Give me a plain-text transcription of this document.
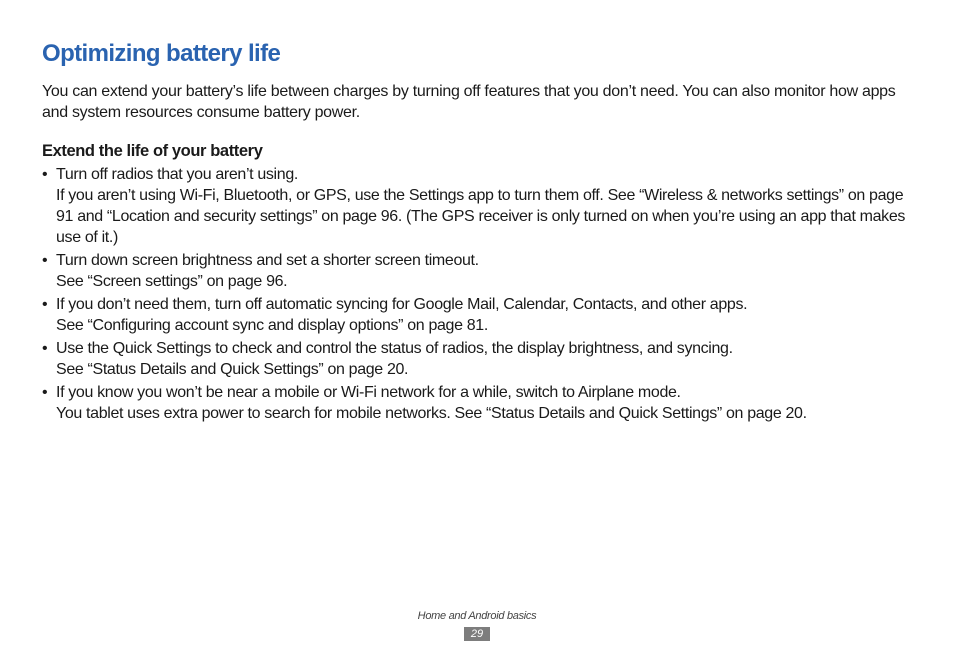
Optimizing battery life

You can extend your battery’s life between charges by turning off features that you don’t need. You can also monitor how apps and system resources consume battery power.

Extend the life of your battery
• Turn off radios that you aren’t using.
If you aren’t using Wi-Fi, Bluetooth, or GPS, use the Settings app to turn them off. See “Wireless & networks settings” on page 91 and “Location and security settings” on page 96. (The GPS receiver is only turned on when you’re using an app that makes use of it.)
• Turn down screen brightness and set a shorter screen timeout.
See “Screen settings” on page 96.
• If you don’t need them, turn off automatic syncing for Google Mail, Calendar, Contacts, and other apps.
See “Configuring account sync and display options” on page 81.
• Use the Quick Settings to check and control the status of radios, the display brightness, and syncing.
See “Status Details and Quick Settings” on page 20.
• If you know you won’t be near a mobile or Wi-Fi network for a while, switch to Airplane mode.
You tablet uses extra power to search for mobile networks. See “Status Details and Quick Settings” on page 20.
Home and Android basics
29
